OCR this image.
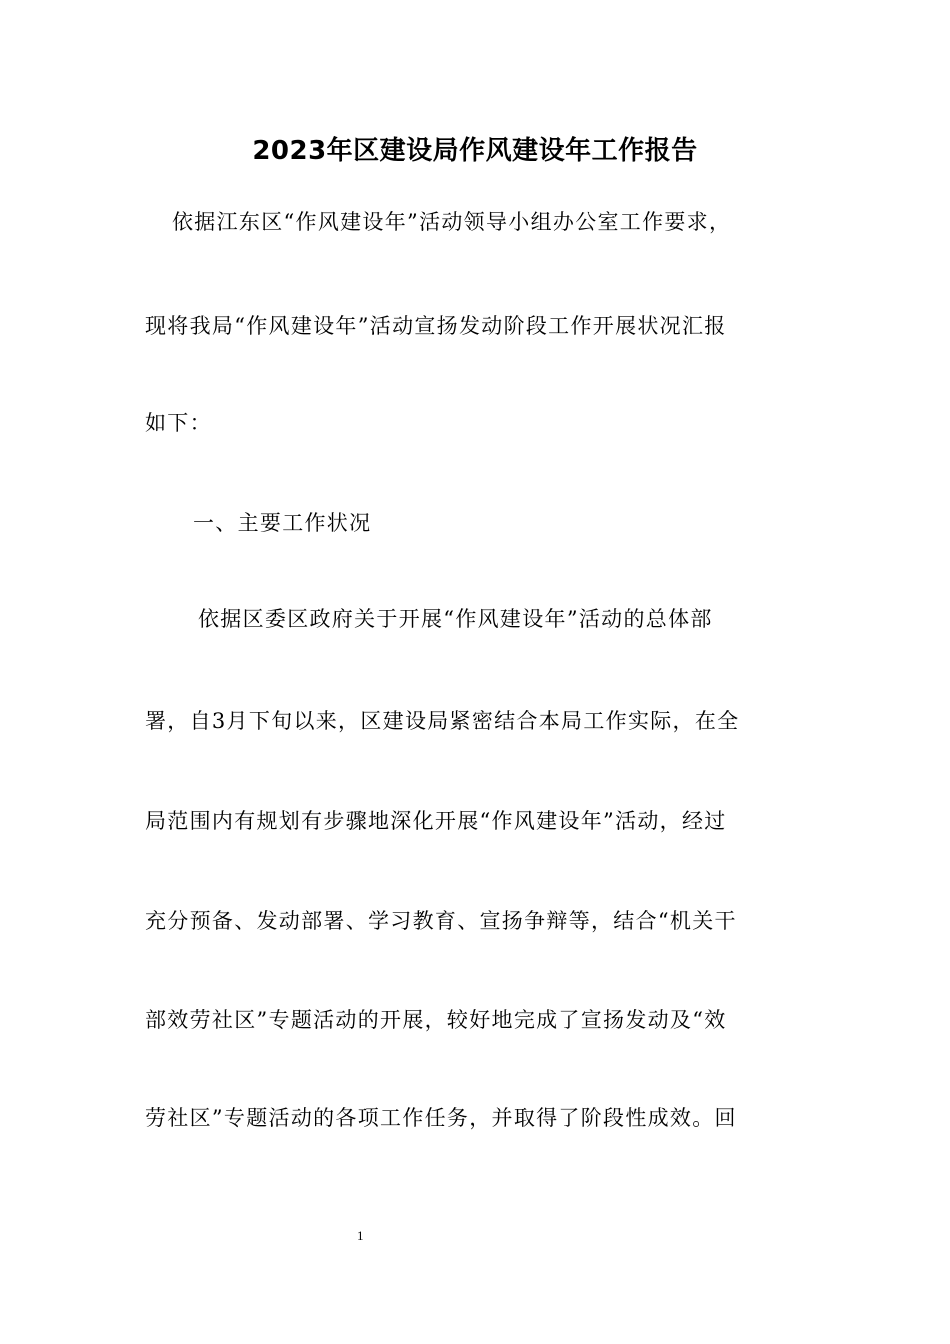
2023年区建设局作风建设年工作报告
依据江东区“作风建设年”活动领导小组办公室工作要求，
现将我局“作风建设年”活动宣扬发动阶段工作开展状况汇报
如下：
一、主要工作状况
依据区委区政府关于开展“作风建设年”活动的总体部
署，自3月下旬以来，区建设局紧密结合本局工作实际，在全
局范围内有规划有步骤地深化开展“作风建设年”活动，经过
充分预备、发动部署、学习教育、宣扬争辩等，结合“机关干
部效劳社区”专题活动的开展，较好地完成了宣扬发动及“效
劳社区”专题活动的各项工作任务，并取得了阶段性成效。回
1
